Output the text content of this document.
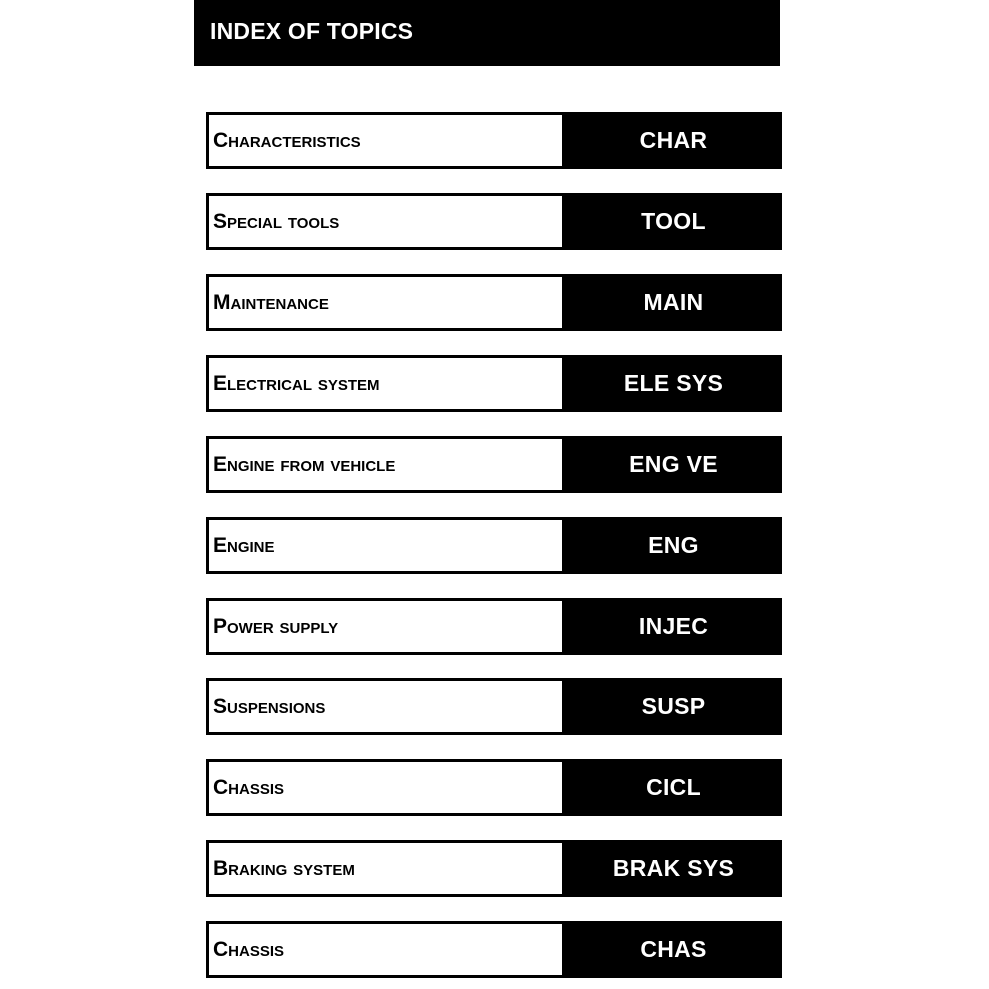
INDEX OF TOPICS
Characteristics	CHAR
Special tools	TOOL
Maintenance	MAIN
Electrical system	ELE SYS
Engine from vehicle	ENG VE
Engine	ENG
Power supply	INJEC
Suspensions	SUSP
Chassis	CICL
Braking system	BRAK SYS
Chassis	CHAS
